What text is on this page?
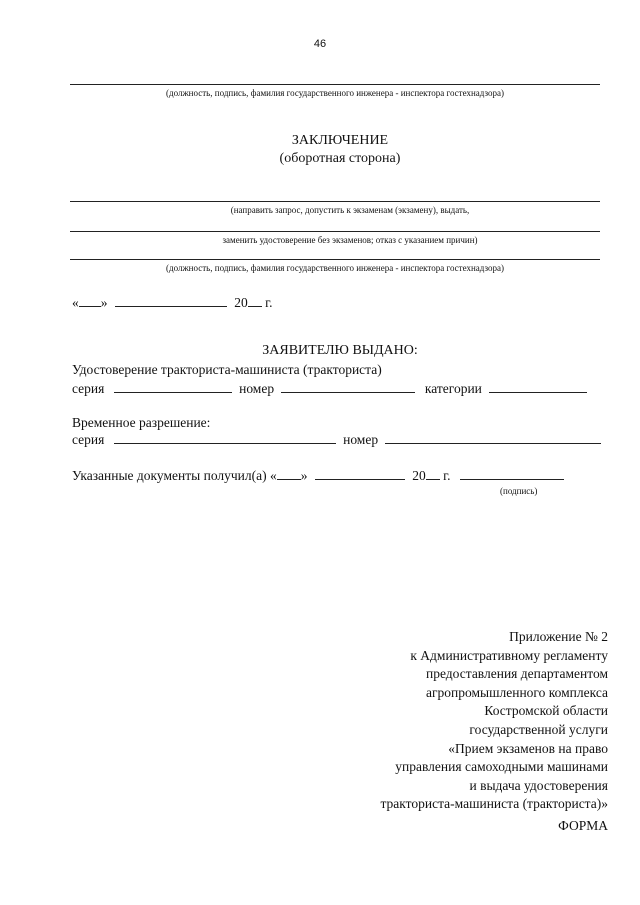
46
(должность, подпись, фамилия государственного инженера - инспектора гостехнадзора)
ЗАКЛЮЧЕНИЕ
(оборотная сторона)
(направить запрос, допустить к экзаменам (экзамену), выдать,
заменить удостоверение без экзаменов; отказ с указанием причин)
(должность, подпись, фамилия государственного инженера - инспектора гостехнадзора)
« »	20 г.
ЗАЯВИТЕЛЮ ВЫДАНО:
Удостоверение тракториста-машиниста (тракториста)
серия	номер	категории
Временное разрешение:
серия	номер
Указанные документы получил(а) « »	20 г.
(подпись)
Приложение № 2
к Административному регламенту
предоставления департаментом
агропромышленного комплекса
Костромской области
государственной услуги
«Прием экзаменов на право
управления самоходными машинами
и выдача удостоверения
тракториста-машиниста (тракториста)»
ФОРМА
